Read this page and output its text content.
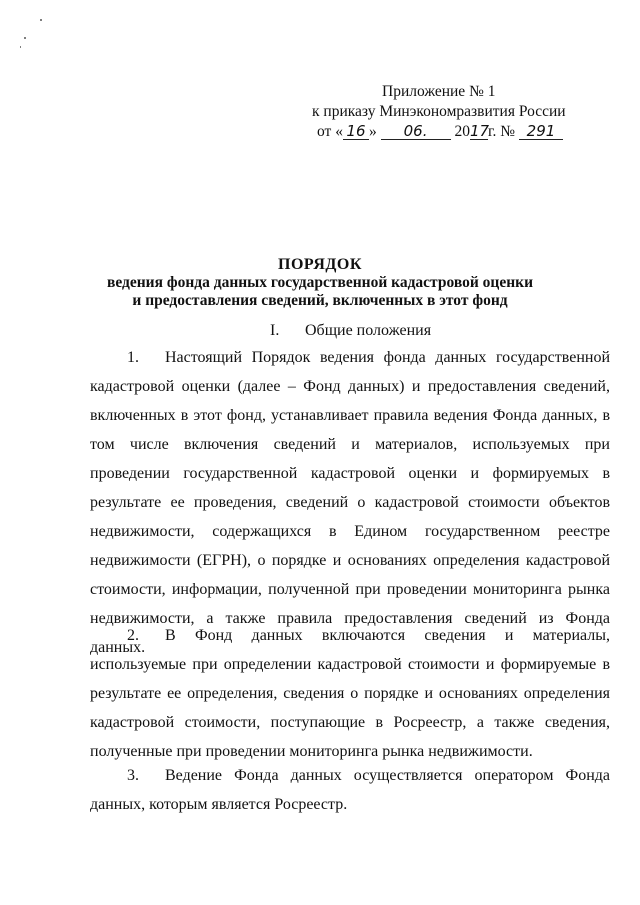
Приложение № 1
к приказу Минэкономразвития России
от « 16 » 06. 2017г. № 291
ПОРЯДОК
ведения фонда данных государственной кадастровой оценки
и предоставления сведений, включенных в этот фонд
I. Общие положения
1. Настоящий Порядок ведения фонда данных государственной кадастровой оценки (далее – Фонд данных) и предоставления сведений, включенных в этот фонд, устанавливает правила ведения Фонда данных, в том числе включения сведений и материалов, используемых при проведении государственной кадастровой оценки и формируемых в результате ее проведения, сведений о кадастровой стоимости объектов недвижимости, содержащихся в Едином государственном реестре недвижимости (ЕГРН), о порядке и основаниях определения кадастровой стоимости, информации, полученной при проведении мониторинга рынка недвижимости, а также правила предоставления сведений из Фонда данных.
2. В Фонд данных включаются сведения и материалы, используемые при определении кадастровой стоимости и формируемые в результате ее определения, сведения о порядке и основаниях определения кадастровой стоимости, поступающие в Росреестр, а также сведения, полученные при проведении мониторинга рынка недвижимости.
3. Ведение Фонда данных осуществляется оператором Фонда данных, которым является Росреестр.
